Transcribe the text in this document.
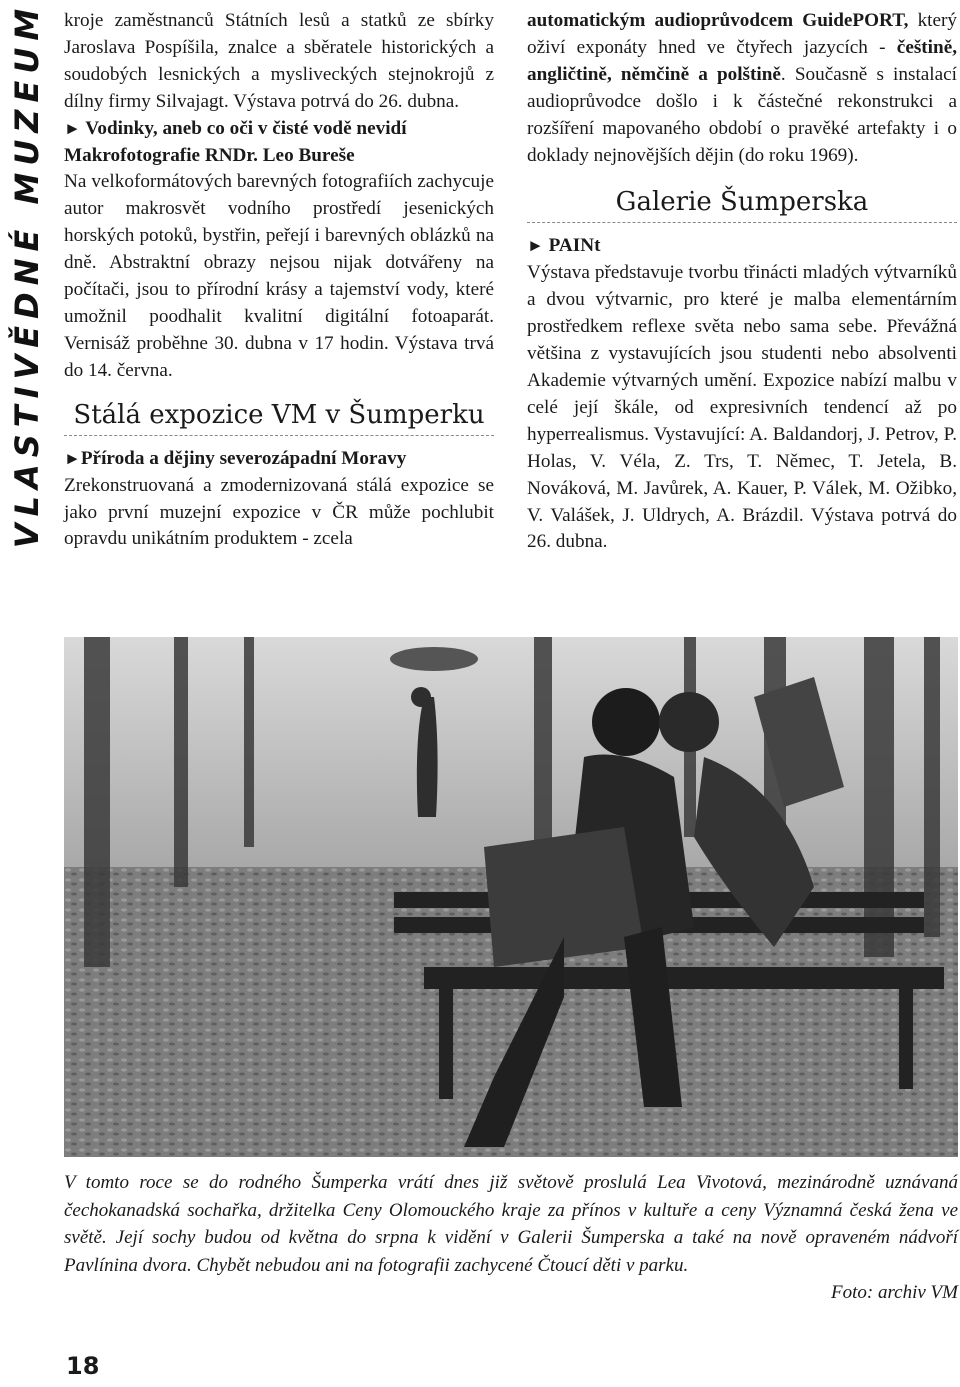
VLASTIVĚDNÉ MUZEUM kroje zaměstnanců Státních lesů a statků ze sbírky Jaroslava Pospíšila, znalce a sběratele historických a soudobých lesnických a mysliveckých stejnokrojů z dílny firmy Silvajagt. Výstava potrvá do 26. dubna.

► Vodinky, aneb co oči v čisté vodě nevidí
Makrofotografie RNDr. Leo Bureše

Na velkoformátových barevných fotografiích zachycuje autor makrosvět vodního prostředí jesenických horských potoků, bystřin, peřejí i barevných oblázků na dně. Abstraktní obrazy nejsou nijak dotvářeny na počítači, jsou to přírodní krásy a tajemství vody, které umožnil poodhalit kvalitní digitální fotoaparát. Vernisáž proběhne 30. dubna v 17 hodin. Výstava trvá do 14. června.

Stálá expozice VM v Šumperku

►Příroda a dějiny severozápadní Moravy

Zrekonstruovaná a zmodernizovaná stálá expozice se jako první muzejní expozice v ČR může pochlubit opravdu unikátním produktem - zcela

automatickým audioprůvodcem GuidePORT, který oživí exponáty hned ve čtyřech jazycích - češtině, angličtině, němčině a polštině. Současně s instalací audioprůvodce došlo i k částečné rekonstrukci a rozšíření mapovaného období o pravěké artefakty i o doklady nejnovějších dějin (do roku 1969).

Galerie Šumperska

► PAINt

Výstava představuje tvorbu třinácti mladých výtvarníků a dvou výtvarnic, pro které je malba elementárním prostředkem reflexe světa nebo sama sebe. Převážná většina z vystavujících jsou studenti nebo absolventi Akademie výtvarných umění. Expozice nabízí malbu v celé její škále, od expresivních tendencí až po hyperrealismus. Vystavující: A. Baldandorj, J. Petrov, P. Holas, V. Véla, Z. Trs, T. Němec, T. Jetela, B. Nováková, M. Javůrek, A. Kauer, P. Válek, M. Ožibko, V. Valášek, J. Uldrych, A. Brázdil. Výstava potrvá do 26. dubna.

V tomto roce se do rodného Šumperka vrátí dnes již světově proslulá Lea Vivotová, mezinárodně uznávaná čechokanadská sochařka, držitelka Ceny Olomouckého kraje za přínos v kultuře a ceny Významná česká žena ve světě. Její sochy budou od května do srpna k vidění v Galerii Šumperska a také na nově opraveném nádvoří Pavlínina dvora. Chybět nebudou ani na fotografii zachycené Čtoucí děti v parku.
Foto: archiv VM
18
